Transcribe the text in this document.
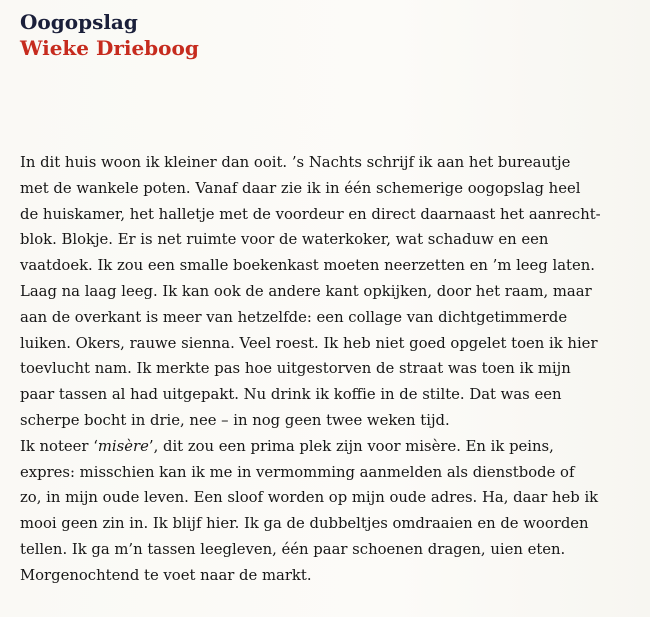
Oogopslag
Wieke Drieboog
In dit huis woon ik kleiner dan ooit. ’s Nachts schrijf ik aan het bureautje
met de wankele poten. Vanaf daar zie ik in één schemerige oogopslag heel
de huiskamer, het halletje met de voordeur en direct daarnaast het aanrecht-
blok. Blokje. Er is net ruimte voor de waterkoker, wat schaduw en een
vaatdoek. Ik zou een smalle boekenkast moeten neerzetten en ’m leeg laten.
Laag na laag leeg. Ik kan ook de andere kant opkijken, door het raam, maar
aan de overkant is meer van hetzelfde: een collage van dichtgetimmerde
luiken. Okers, rauwe sienna. Veel roest. Ik heb niet goed opgelet toen ik hier
toevlucht nam. Ik merkte pas hoe uitgestorven de straat was toen ik mijn
paar tassen al had uitgepakt. Nu drink ik koffie in de stilte. Dat was een
scherpe bocht in drie, nee – in nog geen twee weken tijd.
Ik noteer ‘misère’, dit zou een prima plek zijn voor misère. En ik peins,
expres: misschien kan ik me in vermomming aanmelden als dienstbode of
zo, in mijn oude leven. Een sloof worden op mijn oude adres. Ha, daar heb ik
mooi geen zin in. Ik blijf hier. Ik ga de dubbeltjes omdraaien en de woorden
tellen. Ik ga m’n tassen leegleven, één paar schoenen dragen, uien eten.
Morgenochtend te voet naar de markt.
